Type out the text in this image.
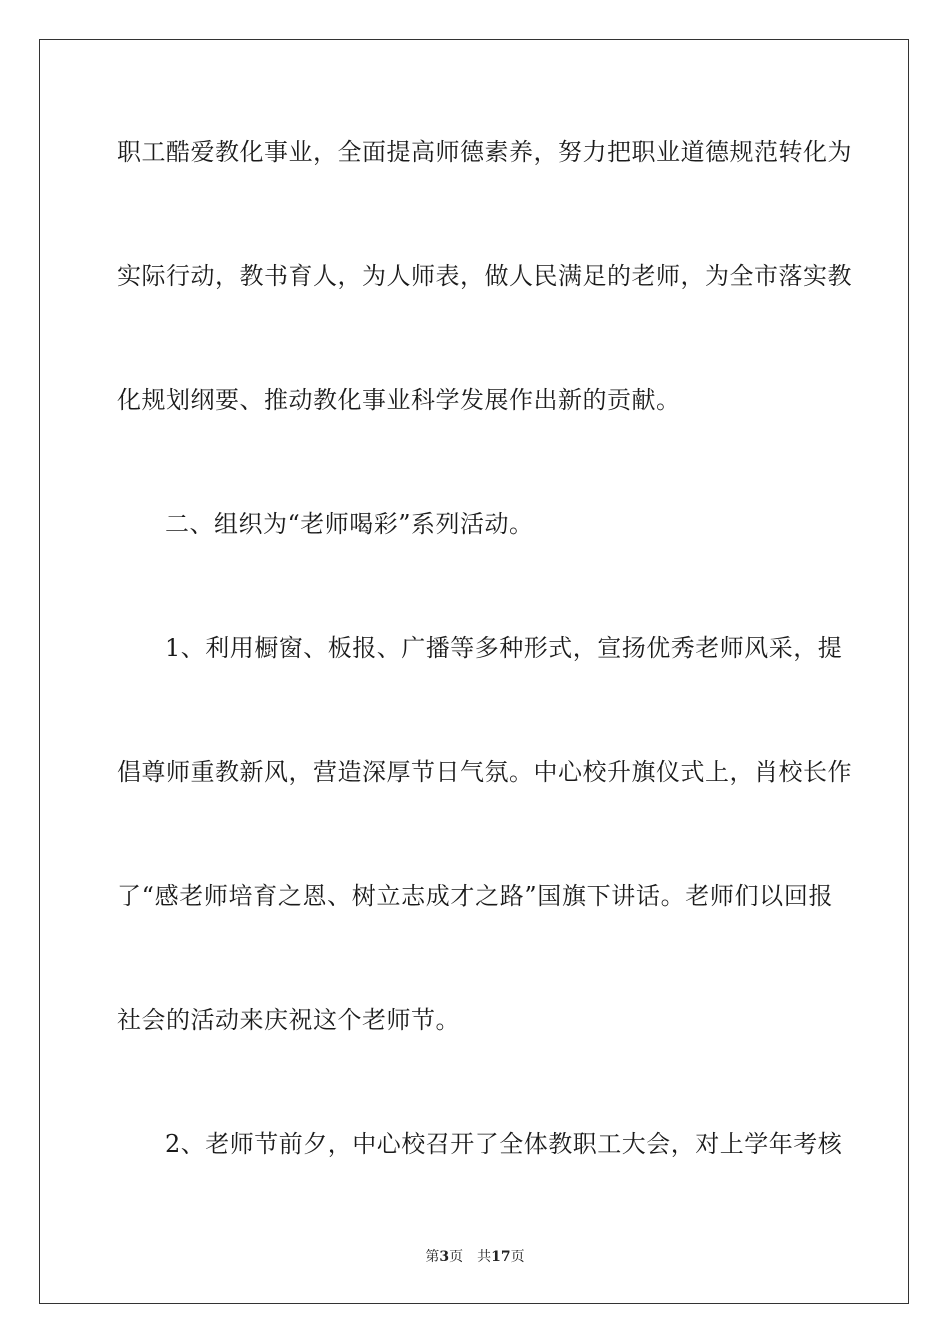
职工酷爱教化事业，全面提高师德素养，努力把职业道德规范转化为
实际行动，教书育人，为人师表，做人民满足的老师，为全市落实教
化规划纲要、推动教化事业科学发展作出新的贡献。
二、组织为“老师喝彩”系列活动。
1、利用橱窗、板报、广播等多种形式，宣扬优秀老师风采，提
倡尊师重教新风，营造深厚节日气氛。中心校升旗仪式上，肖校长作
了“感老师培育之恩、树立志成才之路”国旗下讲话。老师们以回报
社会的活动来庆祝这个老师节。
2、老师节前夕，中心校召开了全体教职工大会，对上学年考核
第3页 共17页
